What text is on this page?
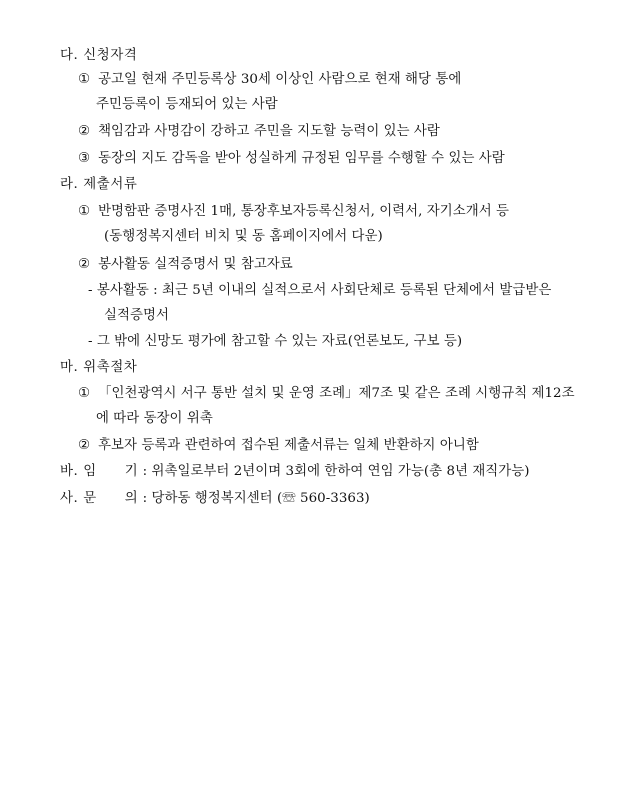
다. 신청자격
① 공고일 현재 주민등록상 30세 이상인 사람으로 현재 해당 통에
주민등록이 등재되어 있는 사람
② 책임감과 사명감이 강하고 주민을 지도할 능력이 있는 사람
③ 동장의 지도 감독을 받아 성실하게 규정된 임무를 수행할 수 있는 사람
라. 제출서류
① 반명함판 증명사진 1매, 통장후보자등록신청서, 이력서, 자기소개서 등
(동행정복지센터 비치 및 동 홈페이지에서 다운)
② 봉사활동 실적증명서 및 참고자료
- 봉사활동 : 최근 5년 이내의 실적으로서 사회단체로 등록된 단체에서 발급받은
실적증명서
- 그 밖에 신망도 평가에 참고할 수 있는 자료(언론보도, 구보 등)
마. 위촉절차
① 「인천광역시 서구 통반 설치 및 운영 조례」제7조 및 같은 조례 시행규칙 제12조
에 따라 동장이 위촉
② 후보자 등록과 관련하여 접수된 제출서류는 일체 반환하지 아니함
바. 임　　기 : 위촉일로부터 2년이며 3회에 한하여 연임 가능(총 8년 재직가능)
사. 문　　의 : 당하동 행정복지센터 (☏ 560-3363)
